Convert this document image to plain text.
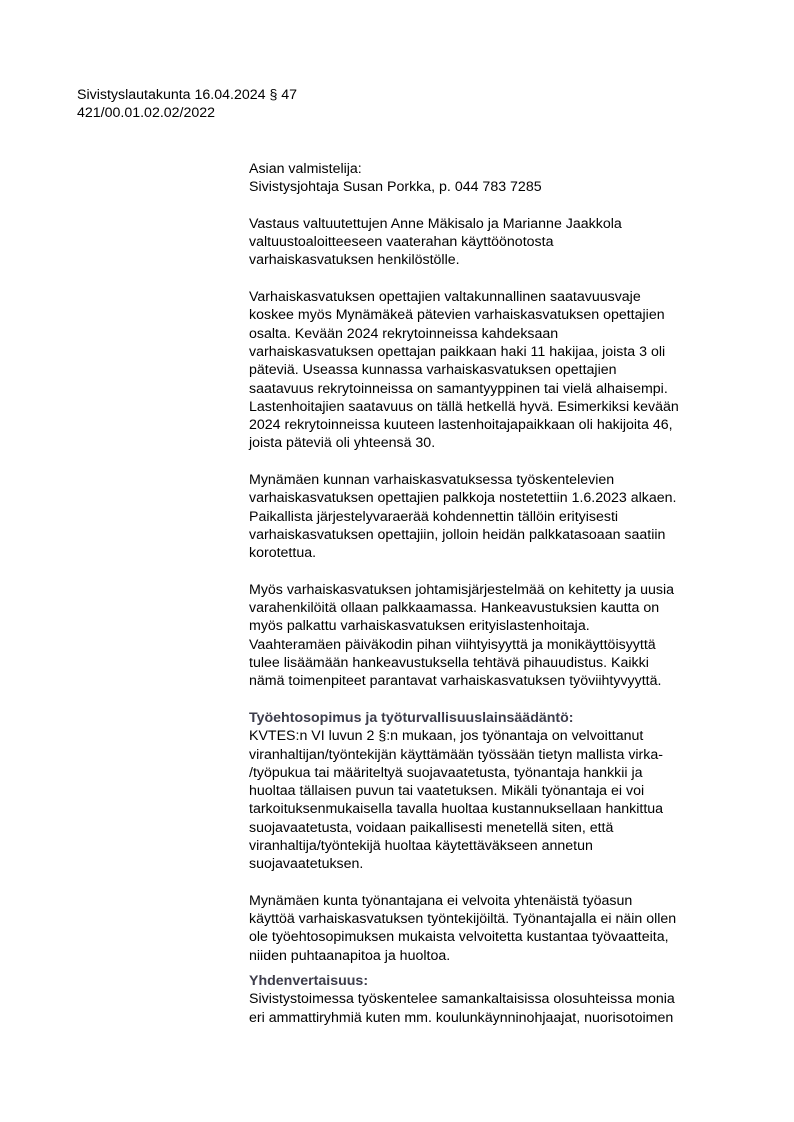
Sivistyslautakunta 16.04.2024 § 47
421/00.01.02.02/2022
Asian valmistelija:
Sivistysjohtaja Susan Porkka, p. 044 783 7285
Vastaus valtuutettujen Anne Mäkisalo ja Marianne Jaakkola
valtuustoaloitteeseen vaaterahan käyttöönotosta
varhaiskasvatuksen henkilöstölle.
Varhaiskasvatuksen opettajien valtakunnallinen saatavuusvaje
koskee myös Mynämäkeä pätevien varhaiskasvatuksen opettajien
osalta. Kevään 2024 rekrytoinneissa kahdeksaan
varhaiskasvatuksen opettajan paikkaan haki 11 hakijaa, joista 3 oli
päteviä. Useassa kunnassa varhaiskasvatuksen opettajien
saatavuus rekrytoinneissa on samantyyppinen tai vielä alhaisempi.
Lastenhoitajien saatavuus on tällä hetkellä hyvä. Esimerkiksi kevään
2024 rekrytoinneissa kuuteen lastenhoitajapaikkaan oli hakijoita 46,
joista päteviä oli yhteensä 30.
Mynämäen kunnan varhaiskasvatuksessa työskentelevien
varhaiskasvatuksen opettajien palkkoja nostetettiin 1.6.2023 alkaen.
Paikallista järjestelyvaraerää kohdennettin tällöin erityisesti
varhaiskasvatuksen opettajiin, jolloin heidän palkkatasoaan saatiin
korotettua.
Myös varhaiskasvatuksen johtamisjärjestelmää on kehitetty ja uusia
varahenkilöitä ollaan palkkaamassa. Hankeavustuksien kautta on
myös palkattu varhaiskasvatuksen erityislastenhoitaja.
Vaahteramäen päiväkodin pihan viihtyisyyttä ja monikäyttöisyyttä
tulee lisäämään hankeavustuksella tehtävä pihauudistus. Kaikki
nämä toimenpiteet parantavat varhaiskasvatuksen työviihtyvyyttä.
Työehtosopimus ja työturvallisuuslainsäädäntö:
KVTES:n VI luvun 2 §:n mukaan, jos työnantaja on velvoittanut
viranhaltijan/työntekijän käyttämään työssään tietyn mallista virka-
/työpukua tai määriteltyä suojavaatetusta, työnantaja hankkii ja
huoltaa tällaisen puvun tai vaatetuksen. Mikäli työnantaja ei voi
tarkoituksenmukaisella tavalla huoltaa kustannuksellaan hankittua
suojavaatetusta, voidaan paikallisesti menetellä siten, että
viranhaltija/työntekijä huoltaa käytettäväkseen annetun
suojavaatetuksen.
Mynämäen kunta työnantajana ei velvoita yhtenäistä työasun
käyttöä varhaiskasvatuksen työntekijöiltä. Työnantajalla ei näin ollen
ole työehtosopimuksen mukaista velvoitetta kustantaa työvaatteita,
niiden puhtaanapitoa ja huoltoa.
Yhdenvertaisuus:
Sivistystoimessa työskentelee samankaltaisissa olosuhteissa monia
eri ammattiryhmiä kuten mm. koulunkäynninohjaajat, nuorisotoimen
